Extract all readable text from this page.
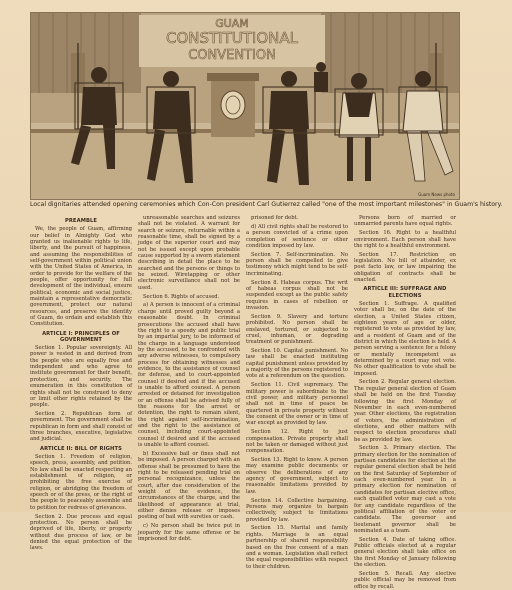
GUAM
CONSTITUTIONAL
CONVENTION
Guam News photo
Local dignitaries attended opening ceremonies which Con-Con president Carl Gutierrez called "one of the most important milestones" in Guam's history.
PREAMBLE

We, the people of Guam, affirming our belief in Almighty God who granted us inalienable rights to life, liberty, and the pursuit of happiness, and assuming the responsibilities of self-government within political union with the United States of America, in order to provide for the welfare of the people, offer opportunity for full development of the individual, ensure political, economic and social justice, maintain a representative democratic government, protect our natural resources, and preserve the identity of Guam, do ordain and establish this Constitution.

ARTICLE I: PRINCIPLES OF GOVERNMENT

Section 1. Popular sovereignty. All power is vested in and derived from the people who are equally free and independent and who agree to institute government for their benefit, protection, and security. The enumeration in this constitution of rights shall not be construed to deny or limit other rights retained by the people.

Section 2. Republican form of government. The government shall be republican in form and shall consist of three branches, executive, legislative and judicial.

ARTICLE II: BILL OF RIGHTS

Section 1. Freedom of religion, speech, press, assembly, and petition. No law shall be enacted respecting an establishment of religion, or prohibiting the free exercise of religion, or abridging the freedom of speech or of the press, or the right of the people to peaceably assemble and to petition for redress of grievances.

Section 2. Due process and equal protection. No person shall be deprived of life, liberty, or property without due process of law, or be denied the equal protection of the laws.

unreasonable searches and seizures shall not be violated. A warrant for search or seizure, returnable within a reasonable time, shall be signed by a judge of the superior court and may not be issued except upon probable cause supported by a sworn statement describing in detail the place to be searched and the persons or things to be seized. Wiretapping or other electronic surveillance shall not be used.

Section 6. Rights of accused.

a) A person is innocent of a criminal charge until proved guilty beyond a reasonable doubt. In criminal prosecutions the accused shall have the right to a speedy and public trial by an impartial jury, to be informed of the charge in a language understood by the accused, to be confronted with any adverse witnesses, to compulsory process for obtaining witnesses and evidence, to the assistance of counsel for defense, and to court-appointed counsel if desired and if the accused is unable to afford counsel. A person arrested or detained for investigation or an offense shall be advised fully of the reasons for the arrest or detention, the right to remain silent, the right against self-incrimination, and the right to the assistance of counsel, including court-appointed counsel if desired and if the accused is unable to afford counsel.

b) Excessive bail or fines shall not be imposed. A person charged with an offense shall be presumed to have the right to be released pending trial on personal recognizance, unless the court, after due consideration of the weight of the evidence, the circumstances of the charge, and the likelihood of appearance at trial, either denies release or imposes posting of bail with sureties or cash.

c) No person shall be twice put in jeopardy for the same offense or be imprisoned for debt.

prisoned for debt.

d) All civil rights shall be restored to a person convicted of a crime upon completion of sentence or other condition imposed by law.

Section 7. Self-incrimination. No person shall be compelled to give testimony which might tend to be self-incriminating.

Section 8. Habeas corpus. The writ of habeas corpus shall not be suspended except as the public safety requires in cases of rebellion or invasion.

Section 9. Slavery and torture prohibited. No person shall be enslaved, tortured, or subjected to cruel, inhuman, or degrading treatment or punishment.

Section 10. Capital punishment. No law shall be enacted instituting capital punishment unless provided by a majority of the persons registered to vote at a referendum on the question.

Section 11. Civil supremacy. The military power is subordinate to the civil power, and military personnel shall not in time of peace be quartered in private property without the consent of the owner or in time of war except as provided by law.

Section 12. Right to just compensation. Private property shall not be taken or damaged without just compensation.

Section 13. Right to know. A person may examine public documents or observe the deliberations of any agency of government, subject to reasonable limitations provided by law.

Section 14. Collective bargaining. Persons may organize to bargain collectively, subject to limitations provided by law.

Section 15. Marital and family rights. Marriage is an equal partnership of shared responsibility based on the free consent of a man and a woman. Legislation shall reflect the equal responsibilities with respect to their children.

Persons born of married or unmarried parents have equal rights.

Section 16. Right to a healthful environment. Each person shall have the right to a healthful environment.

Section 17. Restriction on legislation. No bill of attainder, ex post facto law, or law impairing the obligation of contracts shall be enacted.

ARTICLE III: SUFFRAGE AND ELECTIONS

Section 1. Suffrage. A qualified voter shall be, on the date of the election, a United States citizen, eighteen years of age or older, registered to vote as provided by law, and a resident of Guam and of the district in which the election is held. A person serving a sentence for a felony or mentally incompetent as determined by a court may not vote. No other qualification to vote shall be imposed.

Section 2. Regular general election. The regular general election of Guam shall be held on the first Tuesday following the first Monday of November in each even-numbered year. Other elections, the registration of voters, the administration of elections, and other matters with respect to election procedures shall be as provided by law.

Section 3. Primary election. The primary election for the nomination of partisan candidates for election at the regular general election shall be held on the first Saturday of September of each even-numbered year. In a primary election for nomination of candidates for partisan elective office, each qualified voter may cast a vote for any candidate regardless of the political affiliation of the voter or candidate. The governor and lieutenant governor shall be nominated as a team.

Section 4. Date of taking office. Public officials elected at a regular general election shall take office on the first Monday of January following the election.

Section 5. Recall. Any elective public official may be removed from office by recall.
